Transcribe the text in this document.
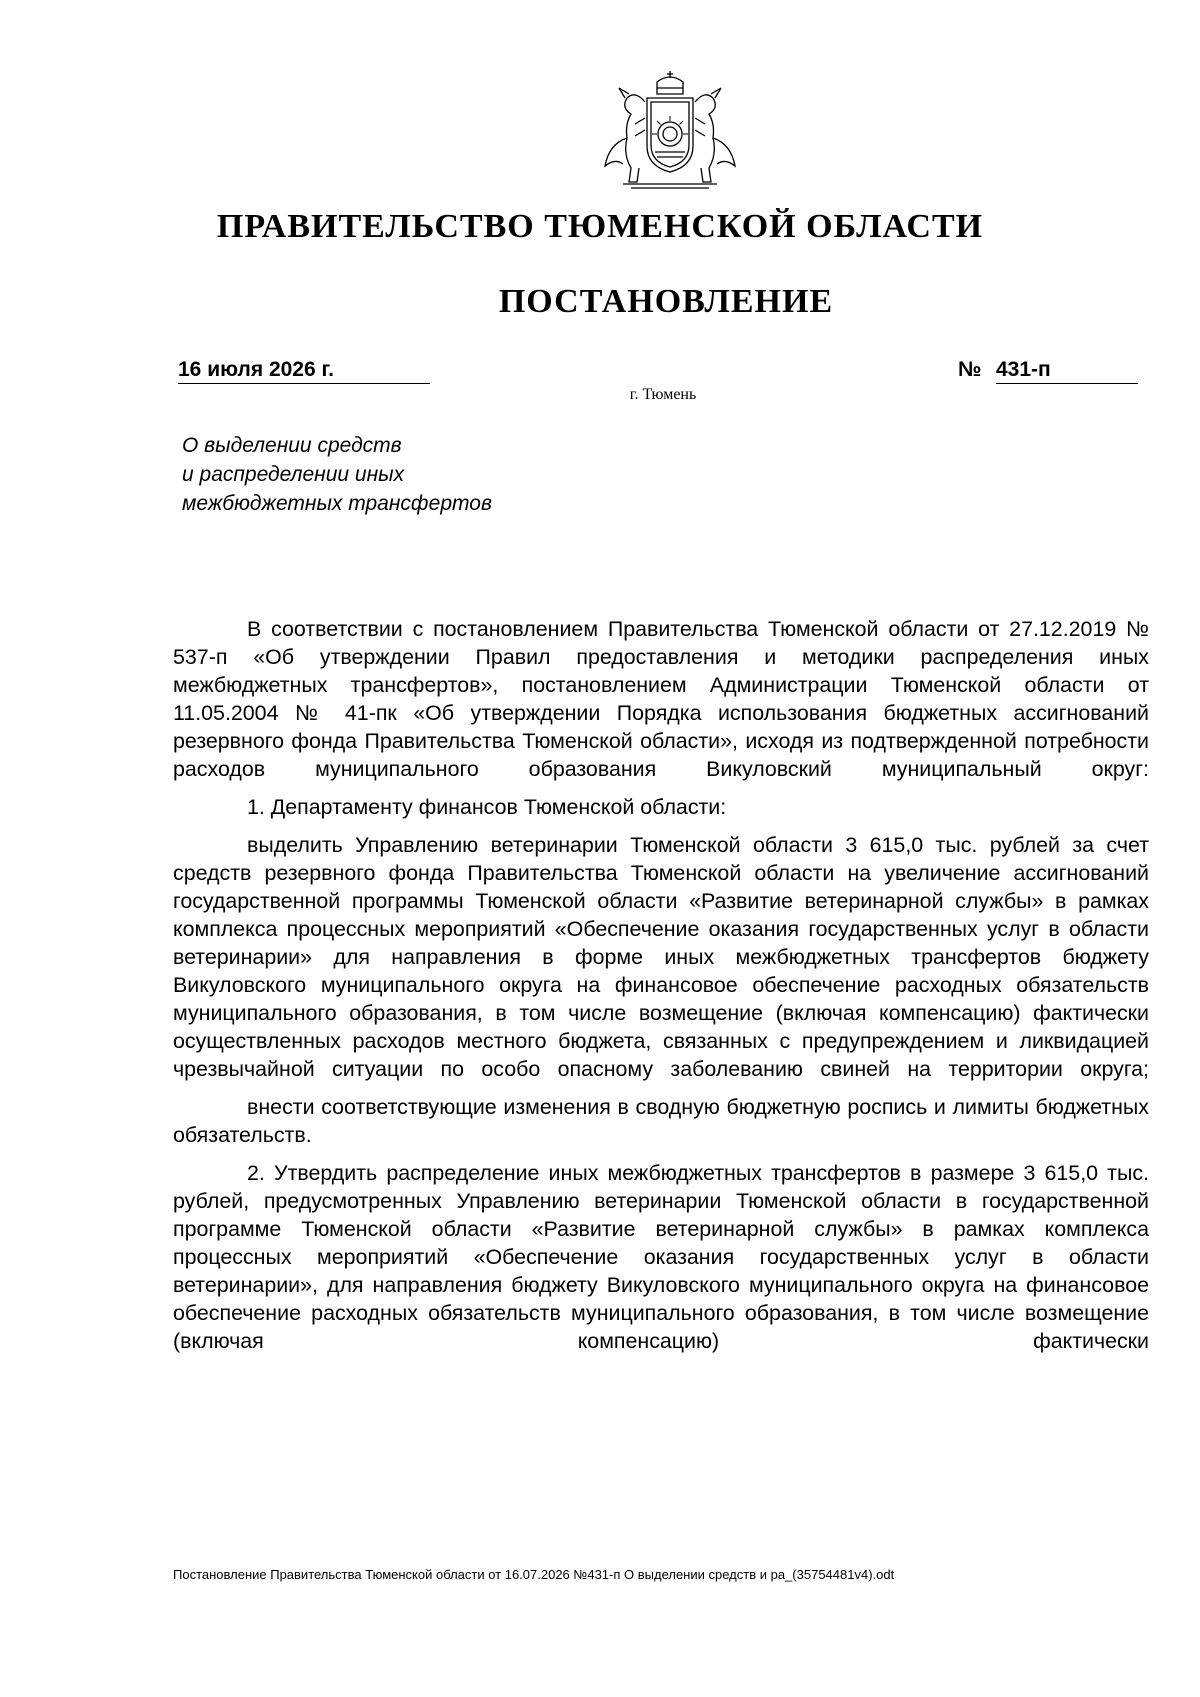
ПРАВИТЕЛЬСТВО ТЮМЕНСКОЙ ОБЛАСТИ
ПОСТАНОВЛЕНИЕ
16 июля 2026 г.	№ 431-п
г. Тюмень
О выделении средств
и распределении иных
межбюджетных трансфертов

В соответствии с постановлением Правительства Тюменской области от 27.12.2019 № 537-п «Об утверждении Правил предоставления и методики распределения иных межбюджетных трансфертов», постановлением Администрации Тюменской области от 11.05.2004 № 41-пк «Об утверждении Порядка использования бюджетных ассигнований резервного фонда Правительства Тюменской области», исходя из подтвержденной потребности расходов муниципального образования Викуловский муниципальный округ:

1. Департаменту финансов Тюменской области:

выделить Управлению ветеринарии Тюменской области 3 615,0 тыс. рублей за счет средств резервного фонда Правительства Тюменской области на увеличение ассигнований государственной программы Тюменской области «Развитие ветеринарной службы» в рамках комплекса процессных мероприятий «Обеспечение оказания государственных услуг в области ветеринарии» для направления в форме иных межбюджетных трансфертов бюджету Викуловского муниципального округа на финансовое обеспечение расходных обязательств муниципального образования, в том числе возмещение (включая компенсацию) фактически осуществленных расходов местного бюджета, связанных с предупреждением и ликвидацией чрезвычайной ситуации по особо опасному заболеванию свиней на территории округа;

внести соответствующие изменения в сводную бюджетную роспись и лимиты бюджетных обязательств.

2. Утвердить распределение иных межбюджетных трансфертов в размере 3 615,0 тыс. рублей, предусмотренных Управлению ветеринарии Тюменской области в государственной программе Тюменской области «Развитие ветеринарной службы» в рамках комплекса процессных мероприятий «Обеспечение оказания государственных услуг в области ветеринарии», для направления бюджету Викуловского муниципального округа на финансовое обеспечение расходных обязательств муниципального образования, в том числе возмещение (включая компенсацию) фактически

Постановление Правительства Тюменской области от 16.07.2026 №431-п О выделении средств и ра_(35754481v4).odt
